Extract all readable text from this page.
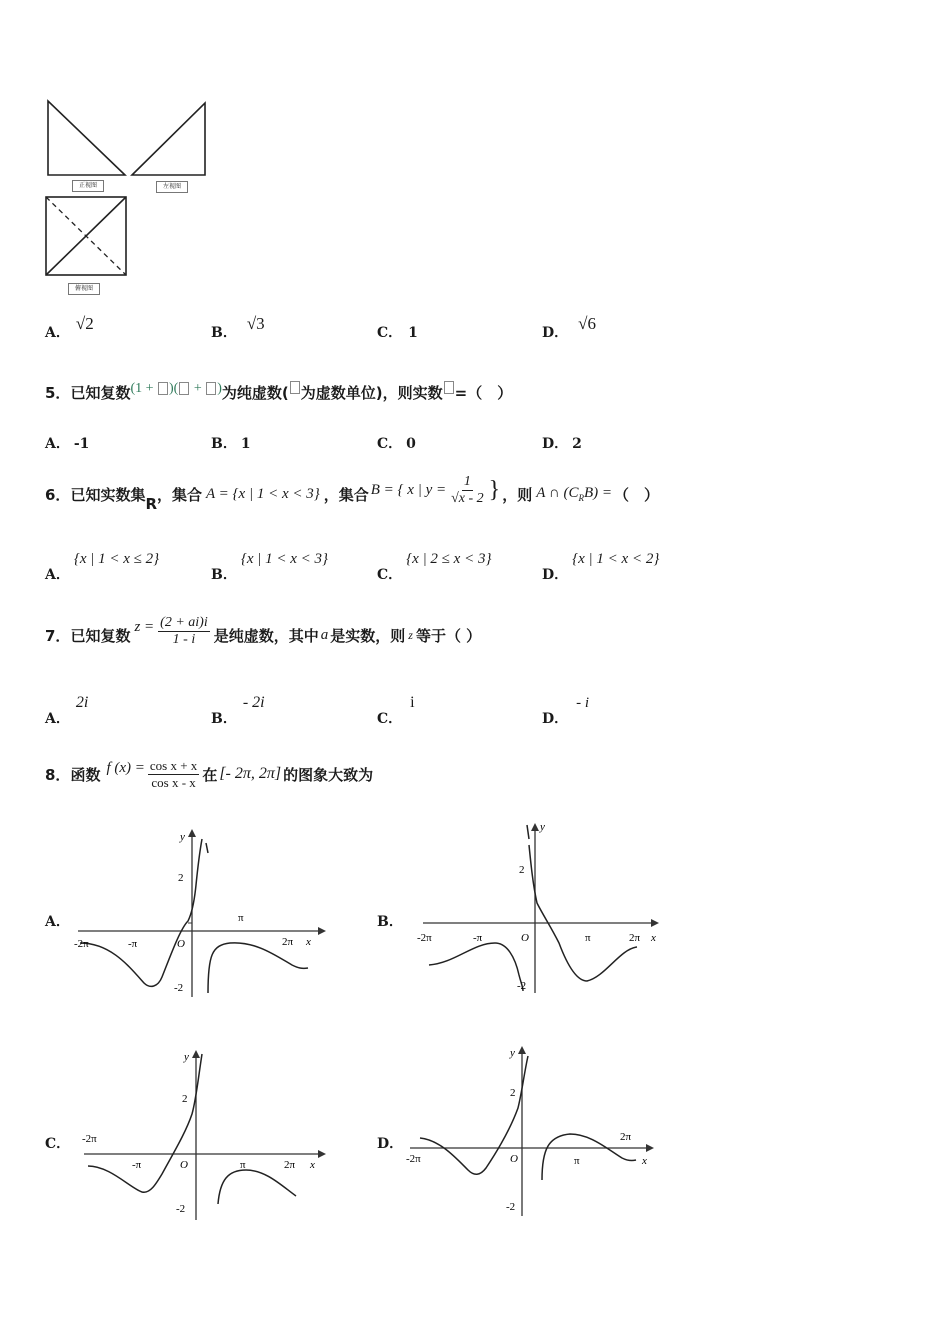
正视图	左视图
俯视图
A． √2	B． √3	C． 1	D． √6
5．已知复数(1 + )( + )为纯虚数( 为虚数单位)，则实数 =（　）
A． -1	B． 1	C． 0	D． 2
6． 已知实数集
R
，集合 A = {x | 1 < x < 3} ，集合 B = { x | $y = \frac{1}{√x - 2}$ } ，则 A ∩ $(C_RB)$ = （　）
A．{x | 1 < x ≤ 2}
B．{x | 1 < x < 3}
C．{x | 2 ≤ x < 3}
D．{x | 1 < x < 2}
7． 已知复数 $z = \frac{(2 + ai)i}{1 - i}$ 是纯虚数，其中 a 是实数，则 z 等于（ ）
A．2i
B．- 2i
C．i
D．- i
8． 函数 f $(x) = \frac{\text{cos x + x}}{\text{cos x - x}}$ 在 [- 2π, 2π] 的图象大致为
A．	B．
C．	D．
y
2
-2
O
π
-π
-2π	2π x
y
2
-2
O	π
-π
-2π	2π x
y
2
-2
O	π
-π
-2π
2π x
y
2
-2
O	π
-2π
2π
x
